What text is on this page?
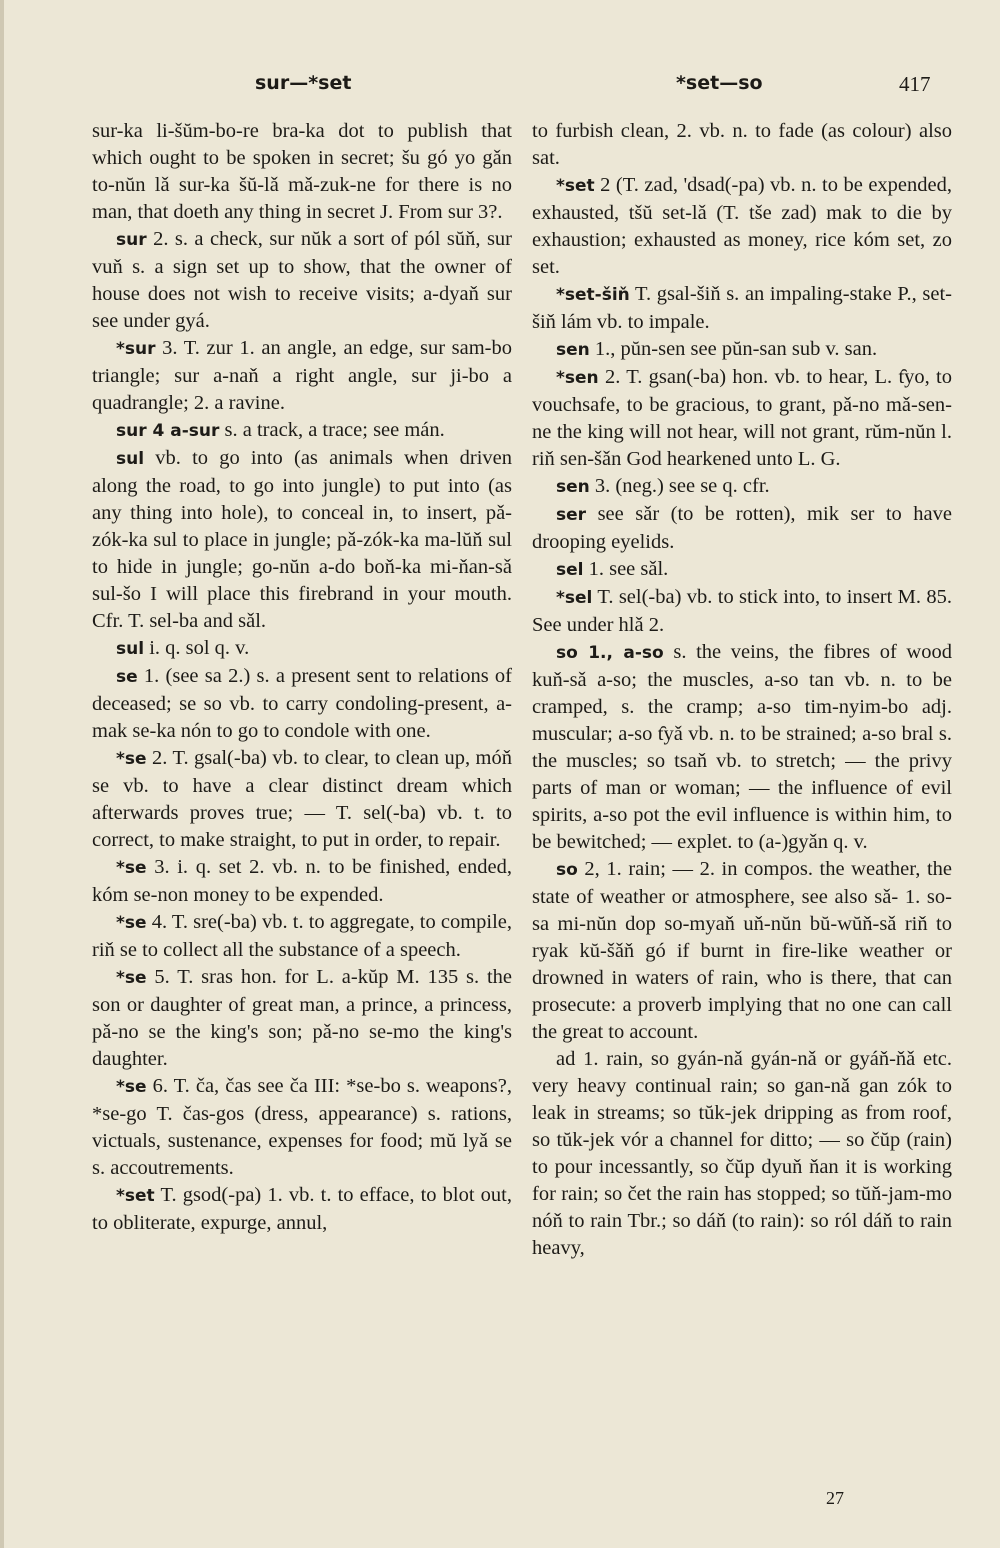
sur—*set	*set—so	417

sur-ka li-šŭm-bo-re bra-ka dot to publish that which ought to be spoken in secret; šu gó yo gǎn to-nŭn lǎ sur-ka šŭ-lǎ mǎ-zuk-ne for there is no man, that doeth any thing in secret J. From sur 3?.

sur 2. s. a check, sur nŭk a sort of pól sŭň, sur vuň s. a sign set up to show, that the owner of house does not wish to receive visits; a-dyaň sur see under gyá.

*sur 3. T. zur 1. an angle, an edge, sur sam-bo triangle; sur a-naň a right angle, sur ji-bo a quadrangle; 2. a ravine.

sur 4 a-sur s. a track, a trace; see mán.

sul vb. to go into (as animals when driven along the road, to go into jungle) to put into (as any thing into hole), to conceal in, to insert, pǎ-zók-ka sul to place in jungle; pǎ-zók-ka ma-lŭň sul to hide in jungle; go-nŭn a-do boň-ka mi-ňan-sǎ sul-šo I will place this firebrand in your mouth. Cfr. T. sel-ba and sǎl.

sul i. q. sol q. v.

se 1. (see sa 2.) s. a present sent to relations of deceased; se so vb. to carry condoling-present, a-mak se-ka nón to go to condole with one.

*se 2. T. gsal(-ba) vb. to clear, to clean up, móň se vb. to have a clear distinct dream which afterwards proves true; — T. sel(-ba) vb. t. to correct, to make straight, to put in order, to repair.

*se 3. i. q. set 2. vb. n. to be finished, ended, kóm se-non money to be expended.

*se 4. T. sre(-ba) vb. t. to aggregate, to compile, riň se to collect all the substance of a speech.

*se 5. T. sras hon. for L. a-kŭp M. 135 s. the son or daughter of great man, a prince, a princess, pǎ-no se the king's son; pǎ-no se-mo the king's daughter.

*se 6. T. ča, čas see ča III: *se-bo s. weapons?, *se-go T. čas-gos (dress, appearance) s. rations, victuals, sustenance, expenses for food; mŭ lyǎ se s. accoutrements.

*set T. gsod(-pa) 1. vb. t. to efface, to blot out, to obliterate, expurge, annul,

to furbish clean, 2. vb. n. to fade (as colour) also sat.

*set 2 (T. zad, 'dsad(-pa) vb. n. to be expended, exhausted, tšŭ set-lǎ (T. tše zad) mak to die by exhaustion; exhausted as money, rice kóm set, zo set.

*set-šiň T. gsal-šiň s. an impaling-stake P., set-šiň lám vb. to impale.

sen 1., pŭn-sen see pŭn-san sub v. san.

*sen 2. T. gsan(-ba) hon. vb. to hear, L. t̑yo, to vouchsafe, to be gracious, to grant, pǎ-no mǎ-sen-ne the king will not hear, will not grant, rŭm-nŭn l. riň sen-šǎn God hearkened unto L. G.

sen 3. (neg.) see se q. cfr.

ser see sǎr (to be rotten), mik ser to have drooping eyelids.

sel 1. see sǎl.

*sel T. sel(-ba) vb. to stick into, to insert M. 85. See under hlǎ 2.

so 1., a-so s. the veins, the fibres of wood kuň-sǎ a-so; the muscles, a-so tan vb. n. to be cramped, s. the cramp; a-so tim-nyim-bo adj. muscular; a-so t̑yǎ vb. n. to be strained; a-so bral s. the muscles; so tsaň vb. to stretch; — the privy parts of man or woman; — the influence of evil spirits, a-so pot the evil influence is within him, to be bewitched; — explet. to (a-)gyǎn q. v.

so 2, 1. rain; — 2. in compos. the weather, the state of weather or atmosphere, see also sǎ- 1. so-sa mi-nŭn dop so-myaň uň-nŭn bŭ-wŭň-sǎ riň to ryak kŭ-šǎň gó if burnt in fire-like weather or drowned in waters of rain, who is there, that can prosecute: a proverb implying that no one can call the great to account.

ad 1. rain, so gyán-nǎ gyán-nǎ or gyáň-ňǎ etc. very heavy continual rain; so gan-nǎ gan zók to leak in streams; so tŭk-jek dripping as from roof, so tŭk-jek vór a channel for ditto; — so čŭp (rain) to pour incessantly, so čŭp dyuň ňan it is working for rain; so čet the rain has stopped; so tŭň-jam-mo nóň to rain Tbr.; so dáň (to rain): so ról dáň to rain heavy,

27
